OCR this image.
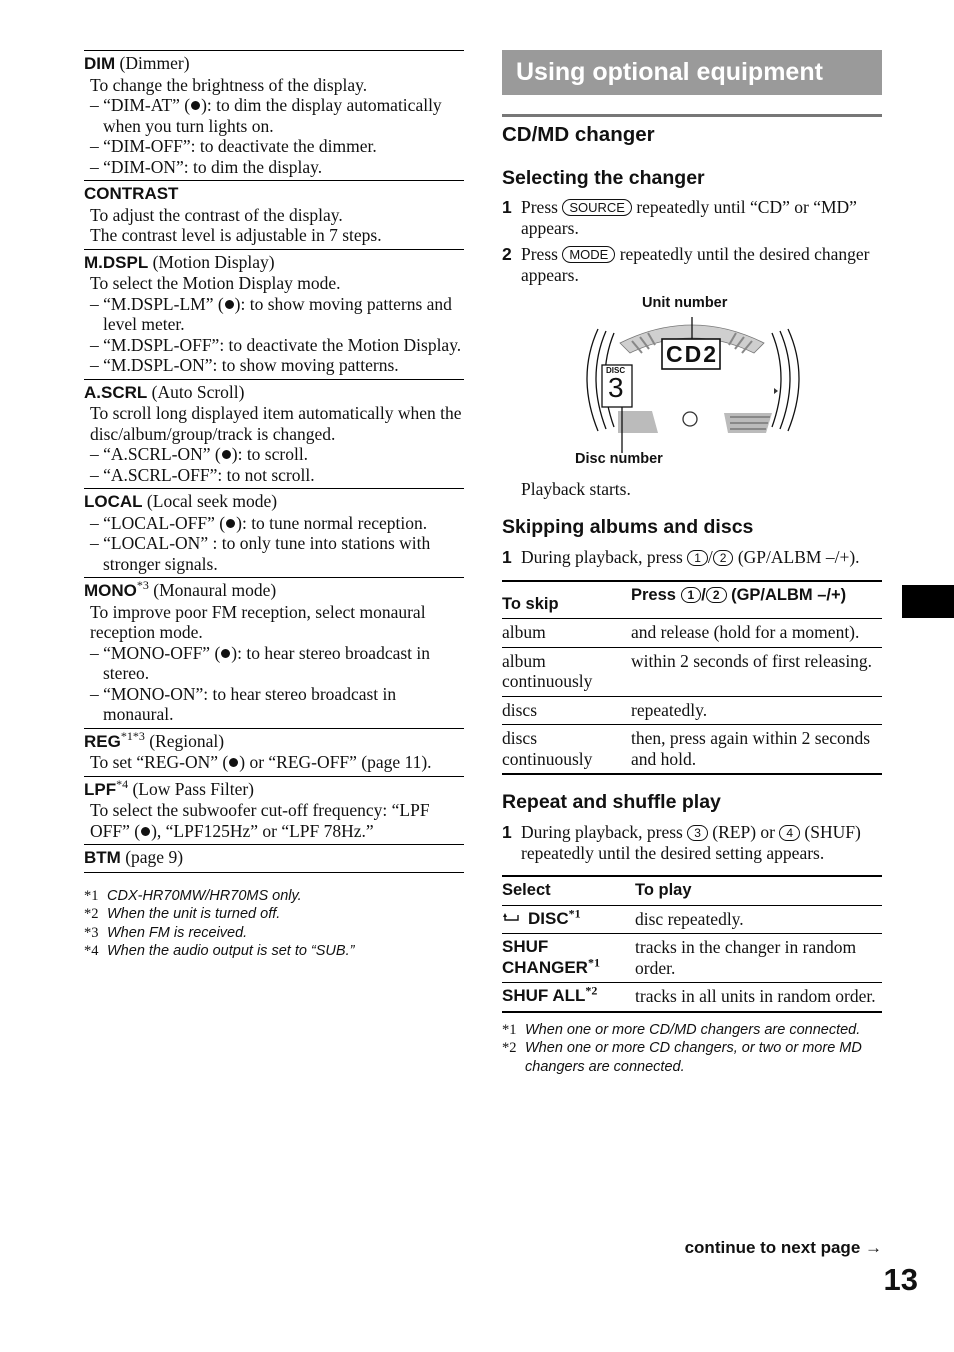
DIM (Dimmer)
To change the brightness of the display.
– “DIM-AT” ( ): to dim the display automatically when you turn lights on.
– “DIM-OFF”: to deactivate the dimmer.
– “DIM-ON”: to dim the display.
CONTRAST
To adjust the contrast of the display.
The contrast level is adjustable in 7 steps.
M.DSPL (Motion Display)
To select the Motion Display mode.
– “M.DSPL-LM” ( ): to show moving patterns and level meter.
– “M.DSPL-OFF”: to deactivate the Motion Display.
– “M.DSPL-ON”: to show moving patterns.
A.SCRL (Auto Scroll)
To scroll long displayed item automatically when the disc/album/group/track is changed.
– “A.SCRL-ON” ( ): to scroll.
– “A.SCRL-OFF”: to not scroll.
LOCAL (Local seek mode)
– “LOCAL-OFF” ( ): to tune normal reception.
– “LOCAL-ON” : to only tune into stations with stronger signals.
MONO$^{*3}$ (Monaural mode)
To improve poor FM reception, select monaural reception mode.
– “MONO-OFF” ( ): to hear stereo broadcast in stereo.
– “MONO-ON”: to hear stereo broadcast in monaural.
$REG^{*1*3}$ (Regional)
To set “REG-ON” ( ) or “REG-OFF” (page 11).
LPF$^{*4}$ (Low Pass Filter)
To select the subwoofer cut-off frequency: “LPF OFF” ( ), “LPF125Hz” or “LPF 78Hz.”
BTM (page 9)
*1 CDX-HR70MW/HR70MS only.
*2 When the unit is turned off.
*3 When FM is received.
*4 When the audio output is set to “SUB.”
Using optional equipment
CD/MD changer
Selecting the changer
1 Press SOURCE repeatedly until “CD” or “MD” appears.
2 Press MODE repeatedly until the desired changer appears.
Unit number
Disc number
CD2
DISC
3
Playback starts.
Skipping albums and discs
1 During playback, press 1 / 2 (GP/ALBM –/+).
To skip	Press 1 / 2 (GP/ALBM –/+)
album	and release (hold for a moment).
album continuously	within 2 seconds of first releasing.
discs	repeatedly.
discs continuously	then, press again within 2 seconds and hold.
Repeat and shuffle play
1 During playback, press 3 (REP) or 4 (SHUF) repeatedly until the desired setting appears.
Select	To play
DISC$^{*1}$	disc repeatedly.
SHUF CHANGER$^{*1}$	tracks in the changer in random order.
SHUF ALL$^{*2}$	tracks in all units in random order.
*1 When one or more CD/MD changers are connected.
*2 When one or more CD changers, or two or more MD changers are connected.
continue to next page →
13
